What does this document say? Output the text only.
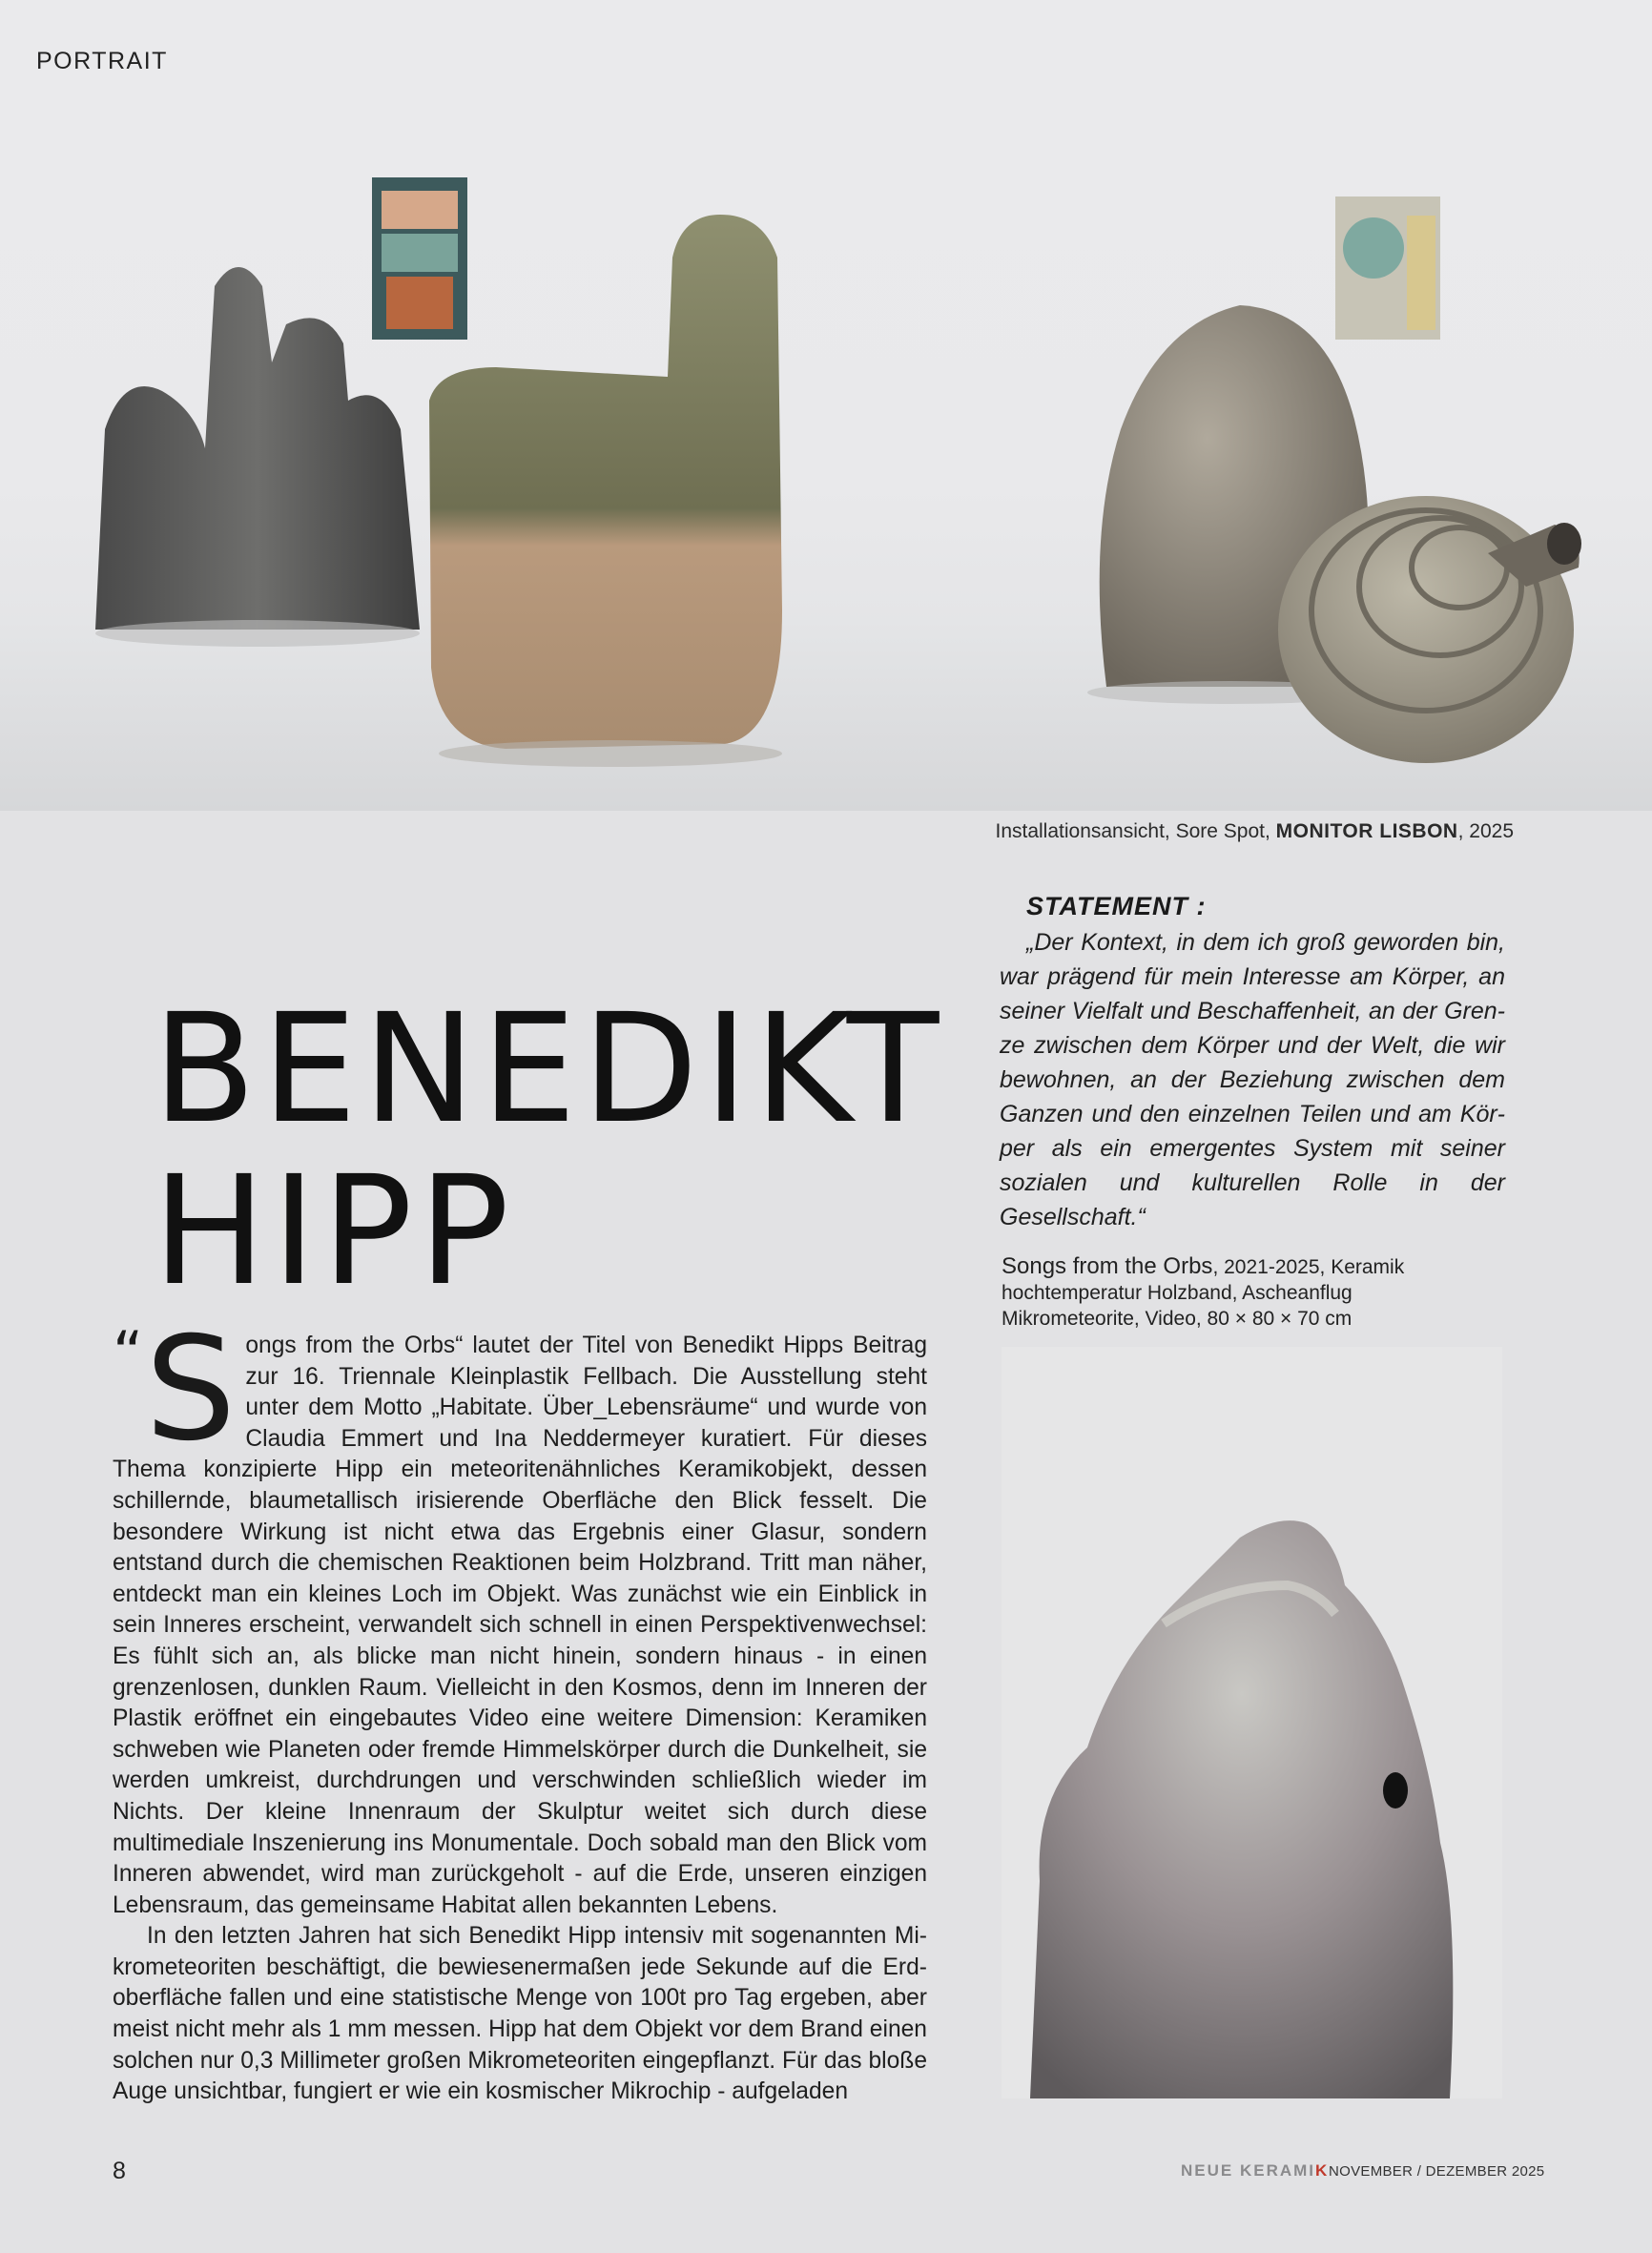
PORTRAIT
Installationsansicht, Sore Spot, MONITOR LISBON, 2025
BENEDIKT
HIPP
STATEMENT :
„Der Kontext, in dem ich groß geworden bin, war prägend für mein Interesse am Körper, an seiner Vielfalt und Beschaffenheit, an der Grenze zwischen dem Körper und der Welt, die wir bewohnen, an der Beziehung zwischen dem Ganzen und den einzelnen Teilen und am Körper als ein emergentes System mit seiner sozialen und kulturellen Rolle in der Gesellschaft.“
Songs from the Orbs, 2021-2025, Keramik hochtemperatur Holzband, Ascheanflug Mikrometeorite, Video, 80 × 80 × 70 cm

“ S ongs from the Orbs“ lautet der Titel von Benedikt Hipps Beitrag zur 16. Triennale Kleinplastik Fellbach. Die Ausstellung steht unter dem Motto „Habitate. Über_Lebensräume“ und wurde von Claudia Emmert und Ina Neddermeyer kuratiert. Für dieses Thema konzipierte Hipp ein meteoritenähnliches Keramikobjekt, dessen schillernde, blaumetallisch irisierende Oberfläche den Blick fesselt. Die besondere Wirkung ist nicht etwa das Ergebnis einer Glasur, sondern entstand durch die chemischen Reaktionen beim Holzbrand. Tritt man näher, entdeckt man ein kleines Loch im Objekt. Was zunächst wie ein Einblick in sein Inneres erscheint, verwandelt sich schnell in einen Perspektivenwechsel: Es fühlt sich an, als blicke man nicht hinein, sondern hinaus - in einen grenzenlosen, dunklen Raum. Vielleicht in den Kosmos, denn im Inneren der Plastik eröffnet ein eingebautes Video eine weitere Dimension: Keramiken schweben wie Planeten oder fremde Himmelskörper durch die Dunkelheit, sie werden umkreist, durchdrungen und verschwinden schließlich wieder im Nichts. Der kleine Innenraum der Skulptur weitet sich durch diese multimediale Inszenierung ins Monumentale. Doch sobald man den Blick vom Inneren abwendet, wird man zurückgeholt - auf die Erde, unseren einzigen Lebensraum, das gemeinsame Habitat allen bekannten Lebens.

In den letzten Jahren hat sich Benedikt Hipp intensiv mit sogenannten Mikrometeoriten beschäftigt, die bewiesenermaßen jede Sekunde auf die Erdoberfläche fallen und eine statistische Menge von 100t pro Tag ergeben, aber meist nicht mehr als 1 mm messen. Hipp hat dem Objekt vor dem Brand einen solchen nur 0,3 Millimeter großen Mikrometeoriten eingepflanzt. Für das bloße Auge unsichtbar, fungiert er wie ein kosmischer Mikrochip - aufgeladen

8	NEUE KERAMIK NOVEMBER / DEZEMBER 2025
